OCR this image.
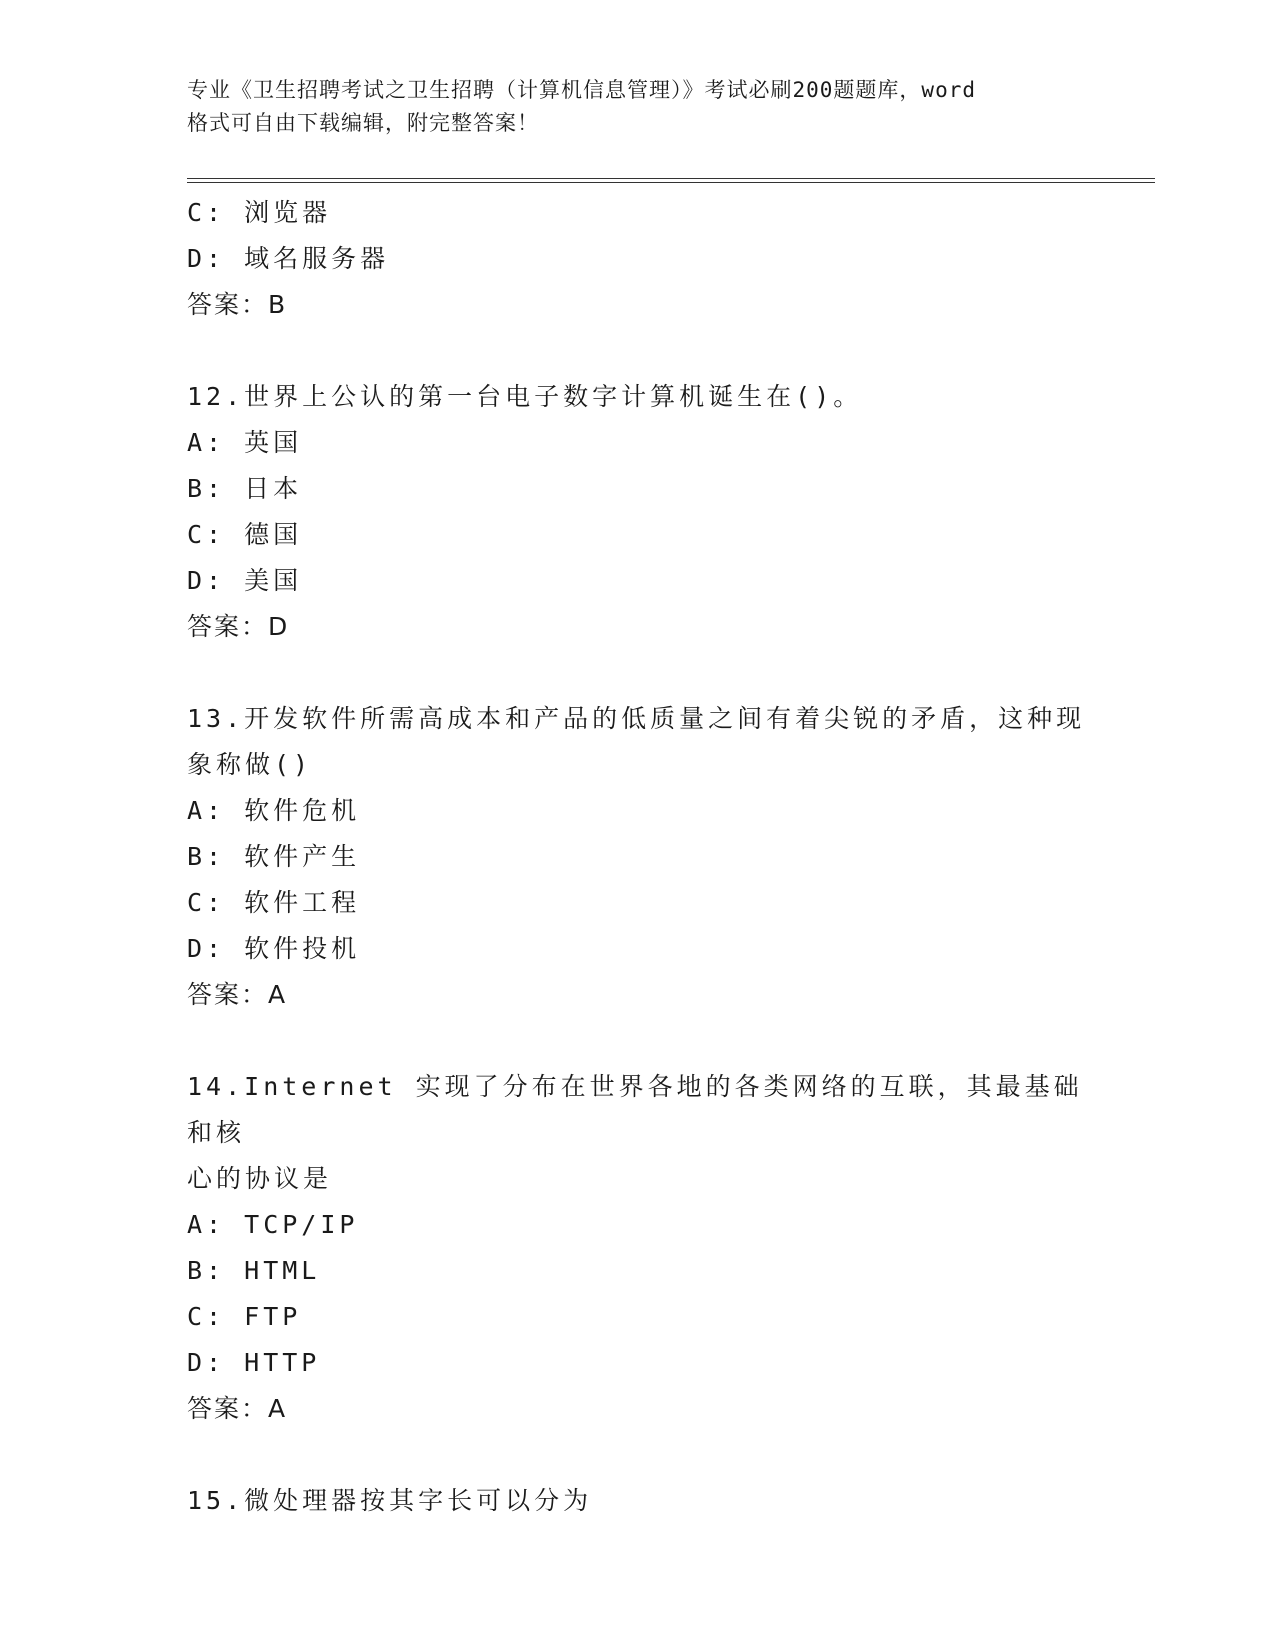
专业《卫生招聘考试之卫生招聘（计算机信息管理）》考试必刷200题题库，word
格式可自由下载编辑，附完整答案！
C: 浏览器
D: 域名服务器
答案：B
12.世界上公认的第一台电子数字计算机诞生在()。
A: 英国
B: 日本
C: 德国
D: 美国
答案：D
13.开发软件所需高成本和产品的低质量之间有着尖锐的矛盾，这种现
象称做()
A: 软件危机
B: 软件产生
C: 软件工程
D: 软件投机
答案：A
14.Internet 实现了分布在世界各地的各类网络的互联，其最基础和核
心的协议是
A: TCP/IP
B: HTML
C: FTP
D: HTTP
答案：A
15.微处理器按其字长可以分为
